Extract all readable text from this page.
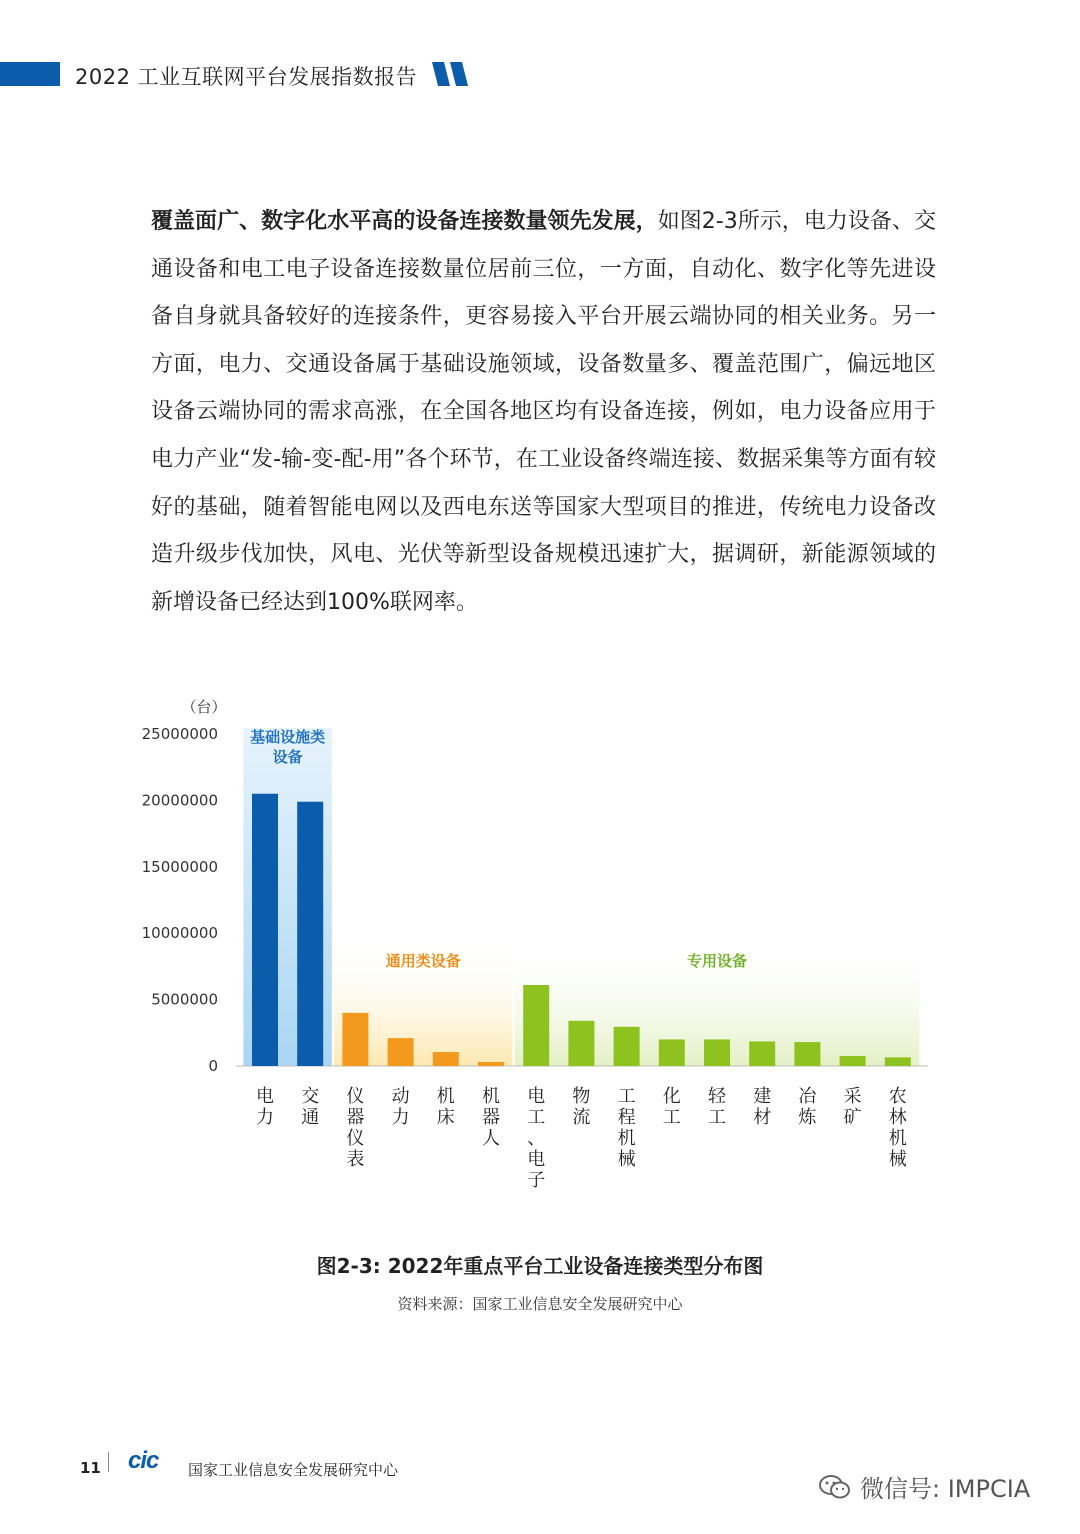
2022 工业互联网平台发展指数报告

覆盖面广、数字化水平高的设备连接数量领先发展，如图2-3所示，电力设备、交通设备和电工电子设备连接数量位居前三位，一方面，自动化、数字化等先进设备自身就具备较好的连接条件，更容易接入平台开展云端协同的相关业务。另一方面，电力、交通设备属于基础设施领域，设备数量多、覆盖范围广，偏远地区设备云端协同的需求高涨，在全国各地区均有设备连接，例如，电力设备应用于电力产业“发-输-变-配-用”各个环节，在工业设备终端连接、数据采集等方面有较好的基础，随着智能电网以及西电东送等国家大型项目的推进，传统电力设备改造升级步伐加快，风电、光伏等新型设备规模迅速扩大，据调研，新能源领域的新增设备已经达到100%联网率。

（台）
25000000
20000000
15000000
10000000
5000000
0
基础设施类
设备
通用类设备	专用设备
电力
交通
仪器仪表
动力
机床
机器人
电工、电子
物流
工程机械
化工
轻工
建材
冶炼
采矿
农林机械
图2-3: 2022年重点平台工业设备连接类型分布图
资料来源：国家工业信息安全发展研究中心
11 cic 国家工业信息安全发展研究中心
微信号: IMPCIA
